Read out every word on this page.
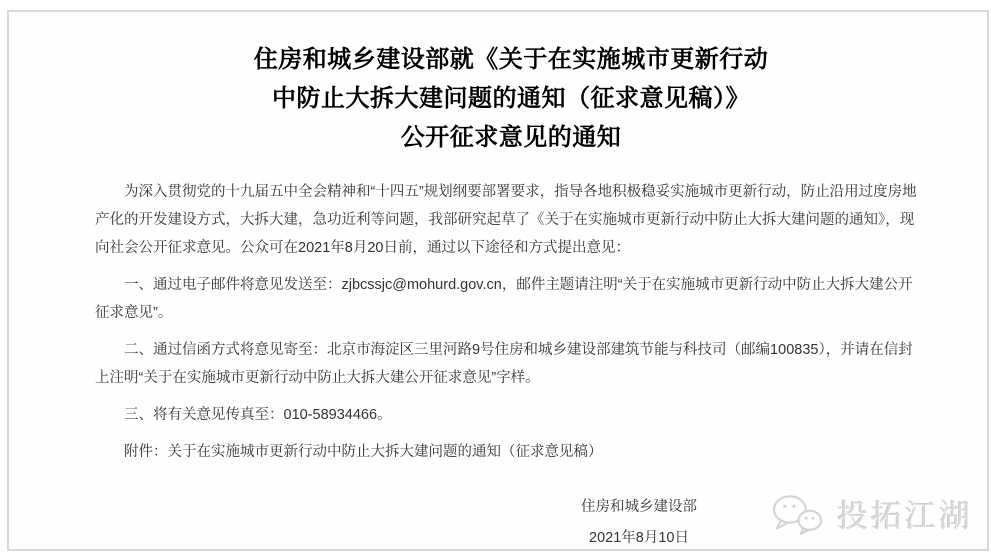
住房和城乡建设部就《关于在实施城市更新行动
中防止大拆大建问题的通知（征求意见稿）》
公开征求意见的通知

为深入贯彻党的十九届五中全会精神和“十四五”规划纲要部署要求，指导各地积极稳妥实施城市更新行动，防止沿用过度房地产化的开发建设方式，大拆大建，急功近利等问题，我部研究起草了《关于在实施城市更新行动中防止大拆大建问题的通知》，现向社会公开征求意见。公众可在2021年8月20日前，通过以下途径和方式提出意见：

一、通过电子邮件将意见发送至：zjbcssjc@mohurd.gov.cn，邮件主题请注明“关于在实施城市更新行动中防止大拆大建公开征求意见”。

二、通过信函方式将意见寄至：北京市海淀区三里河路9号住房和城乡建设部建筑节能与科技司（邮编100835），并请在信封上注明“关于在实施城市更新行动中防止大拆大建公开征求意见”字样。

三、将有关意见传真至：010-58934466。

附件：关于在实施城市更新行动中防止大拆大建问题的通知（征求意见稿）

住房和城乡建设部
2021年8月10日
投拓江湖
